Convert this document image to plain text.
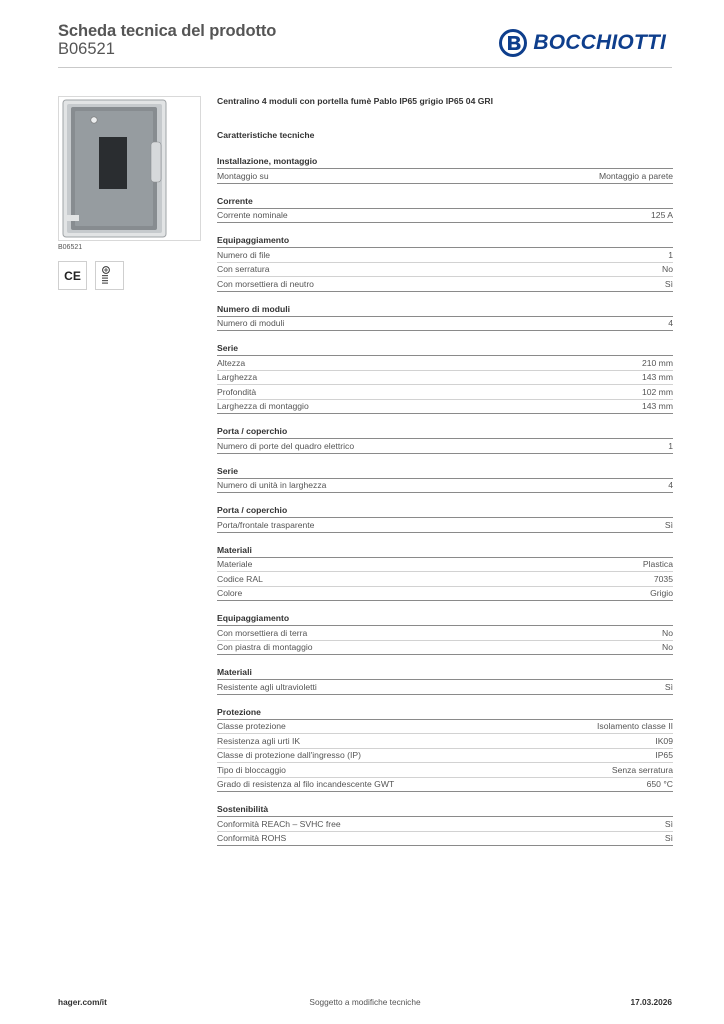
Scheda tecnica del prodotto
B06521	BOCCHIOTTI
B06521
CE
Centralino 4 moduli con portella fumè Pablo IP65 grigio IP65 04 GRI
Caratteristiche tecniche
Installazione, montaggio
Montaggio su	Montaggio a parete
Corrente
Corrente nominale	125 A
Equipaggiamento
Numero di file	1
Con serratura	No
Con morsettiera di neutro	Sì
Numero di moduli
Numero di moduli	4
Serie
Altezza	210 mm
Larghezza	143 mm
Profondità	102 mm
Larghezza di montaggio	143 mm
Porta / coperchio
Numero di porte del quadro elettrico	1
Serie
Numero di unità in larghezza	4
Porta / coperchio
Porta/frontale trasparente	Sì
Materiali
Materiale	Plastica
Codice RAL	7035
Colore	Grigio
Equipaggiamento
Con morsettiera di terra	No
Con piastra di montaggio	No
Materiali
Resistente agli ultravioletti	Sì
Protezione
Classe protezione	Isolamento classe II
Resistenza agli urti IK	IK09
Classe di protezione dall'ingresso (IP)	IP65
Tipo di bloccaggio	Senza serratura
Grado di resistenza al filo incandescente GWT	650 °C
Sostenibilità
Conformità REACh – SVHC free	Sì
Conformità ROHS	Sì
hager.com/it	Soggetto a modifiche tecniche	17.03.2026
